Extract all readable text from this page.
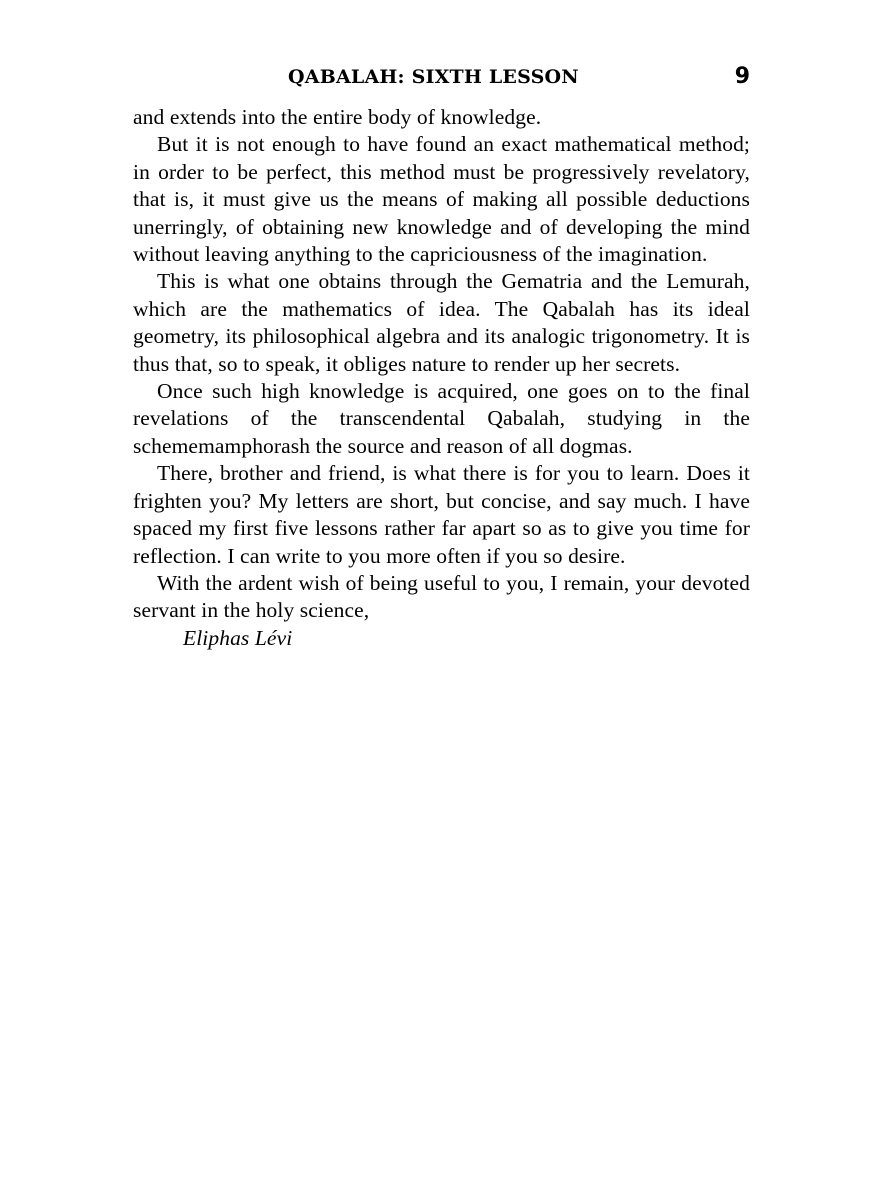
QABALAH: SIXTH LESSON	9

and extends into the entire body of knowledge.

But it is not enough to have found an exact mathematical method; in order to be perfect, this method must be progressively revelatory, that is, it must give us the means of making all possible deductions unerringly, of obtaining new knowledge and of developing the mind without leaving anything to the capriciousness of the imagination.

This is what one obtains through the Gematria and the Lemurah, which are the mathematics of idea. The Qabalah has its ideal geometry, its philosophical algebra and its analogic trigonometry. It is thus that, so to speak, it obliges nature to render up her secrets.

Once such high knowledge is acquired, one goes on to the final revelations of the transcendental Qabalah, studying in the schememamphorash the source and reason of all dogmas.

There, brother and friend, is what there is for you to learn. Does it frighten you? My letters are short, but concise, and say much. I have spaced my first five lessons rather far apart so as to give you time for reflection. I can write to you more often if you so desire.

With the ardent wish of being useful to you, I remain, your devoted servant in the holy science,

Eliphas Lévi
